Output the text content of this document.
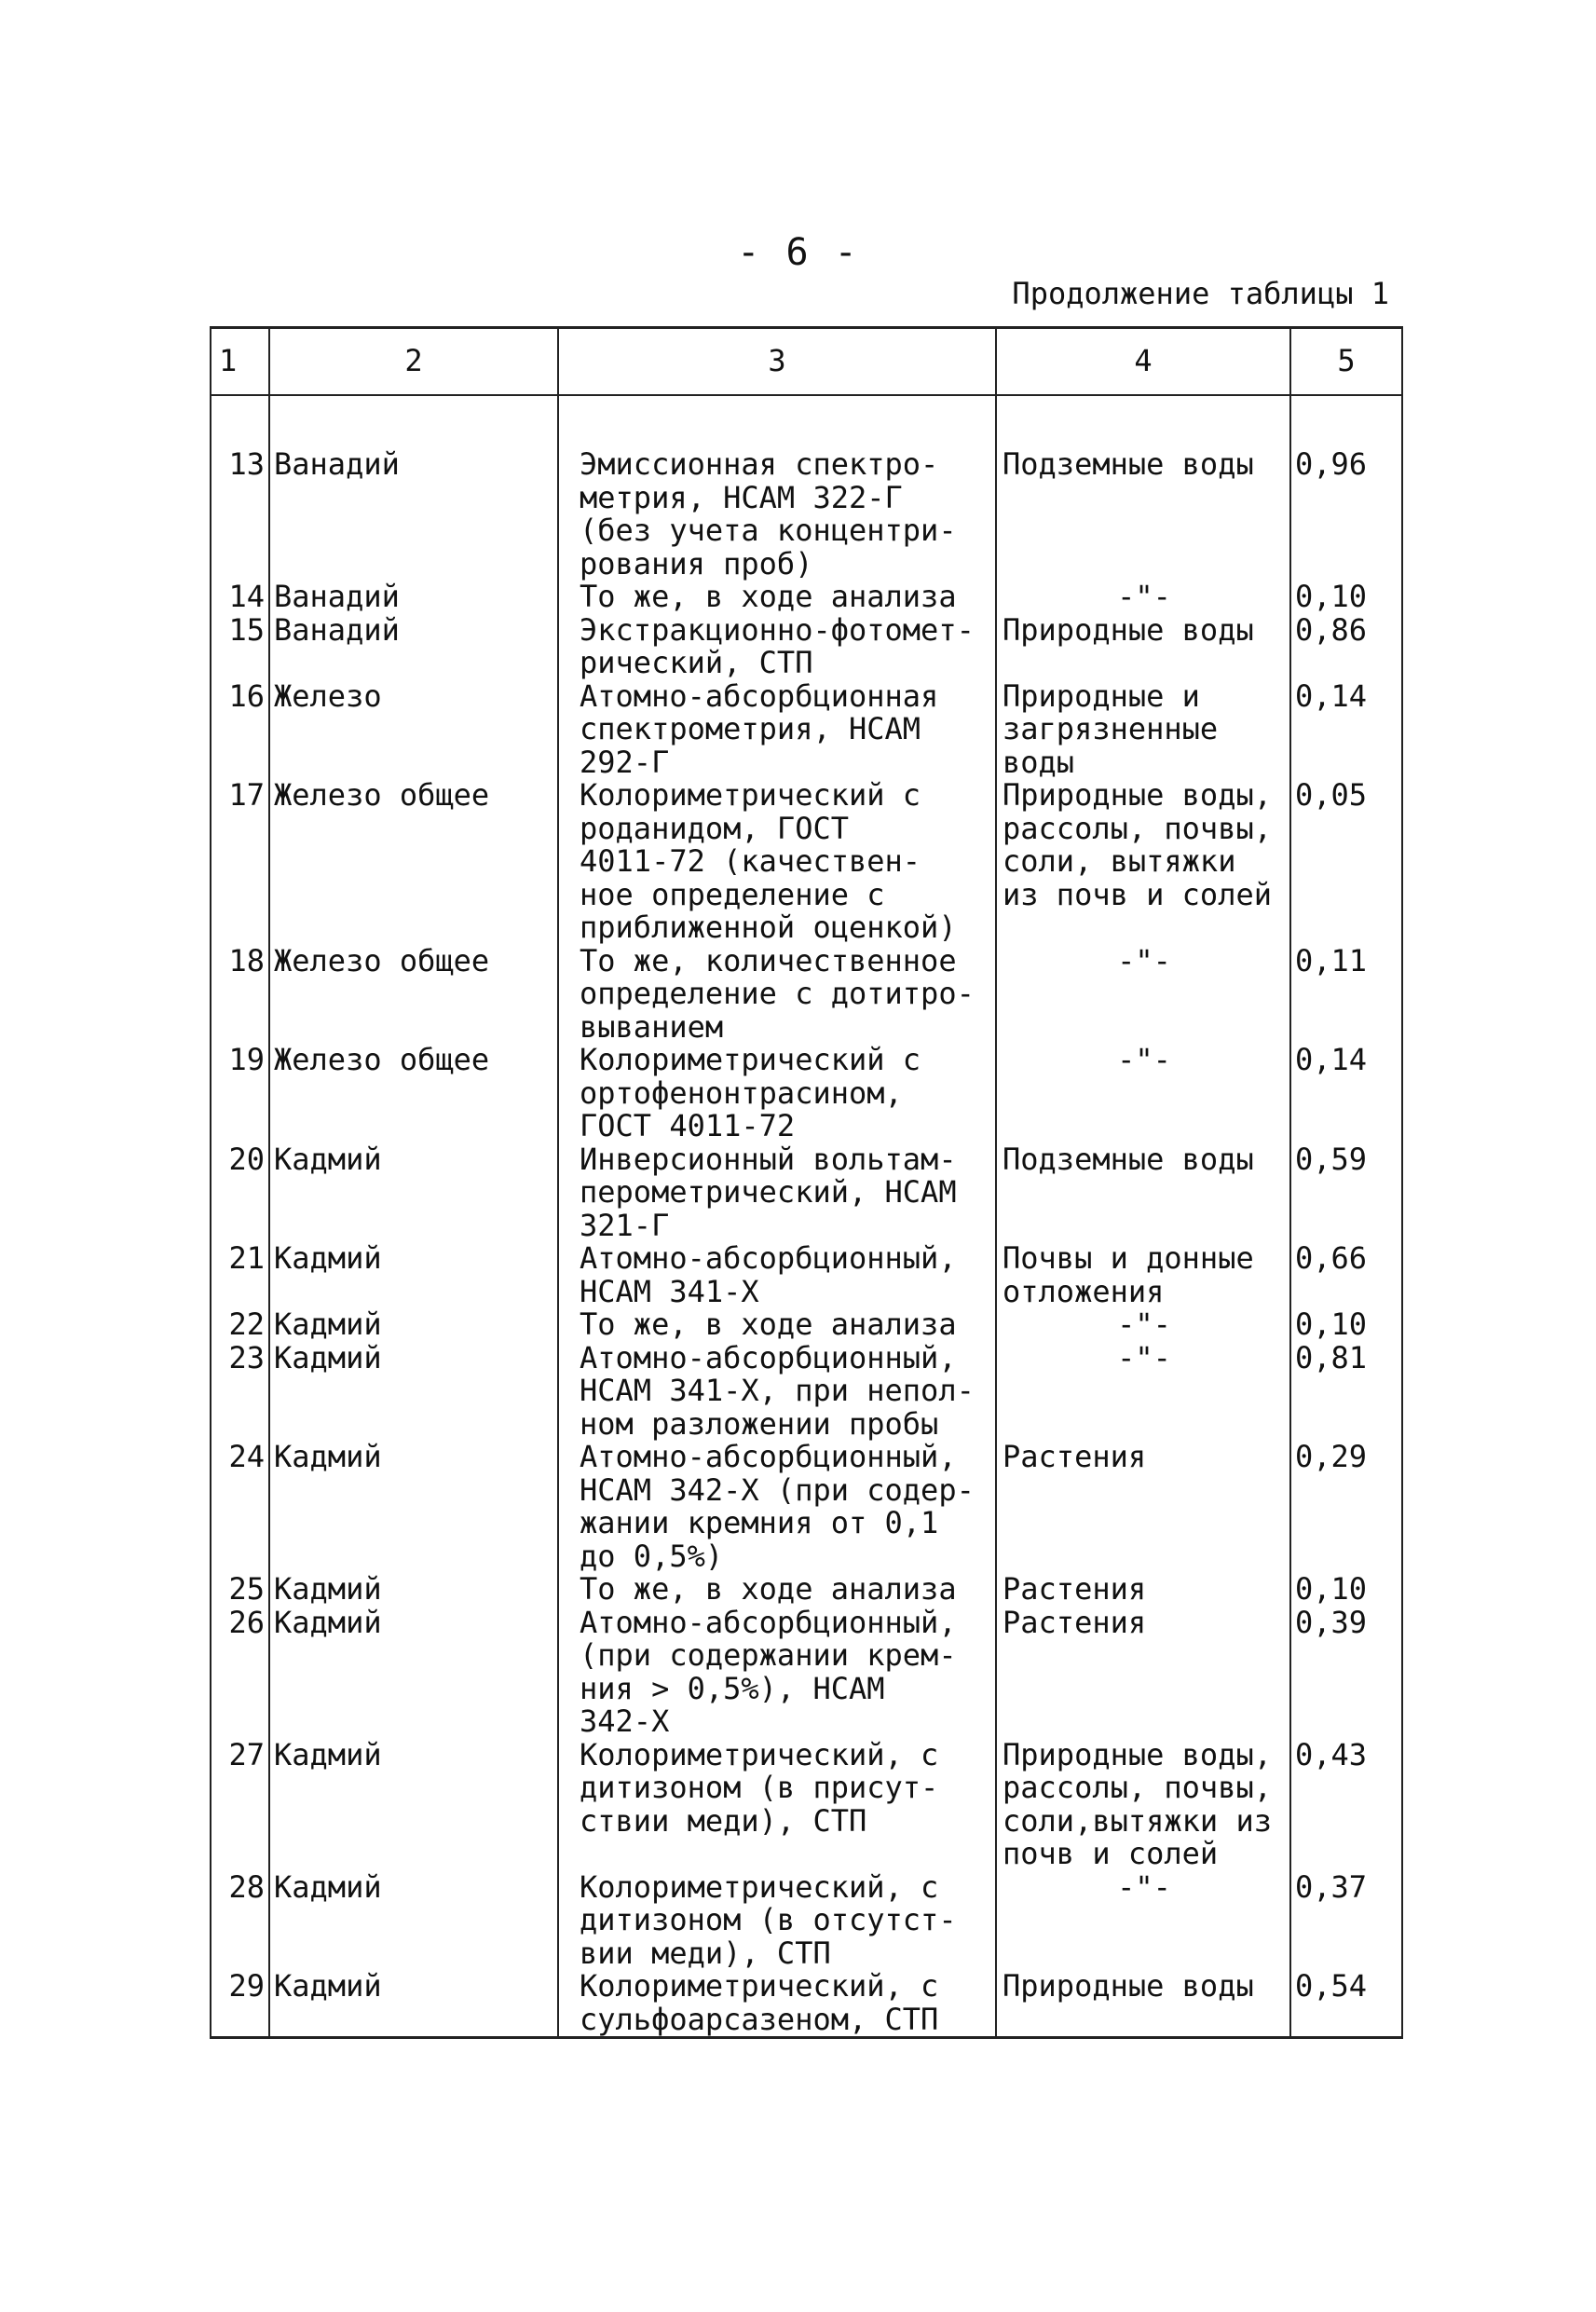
- 6 -
Продолжение таблицы 1
1	2	3	4	5

13	Ванадий	Эмиссионная спектро-
метрия, НСАМ 322-Г
(без учета концентри-
рования проб)	Подземные воды	0,96
14	Ванадий	То же, в ходе анализа	-"-	0,10
15	Ванадий	Экстракционно-фотомет-
рический, СТП	Природные воды	0,86
16	Железо	Атомно-абсорбционная
спектрометрия, НСАМ
292-Г	Природные и
загрязненные
воды	0,14
17	Железо общее	Колориметрический с
роданидом, ГОСТ
4011-72 (качествен-
ное определение с
приближенной оценкой)	Природные воды,
рассолы, почвы,
соли, вытяжки
из почв и солей	0,05
18	Железо общее	То же, количественное
определение с дотитро-
выванием	-"-	0,11
19	Железо общее	Колориметрический с
ортофенонтрасином,
ГОСТ 4011-72	-"-	0,14
20	Кадмий	Инверсионный вольтам-
перометрический, НСАМ
321-Г	Подземные воды	0,59
21	Кадмий	Атомно-абсорбционный,
НСАМ 341-Х	Почвы и донные
отложения	0,66
22	Кадмий	То же, в ходе анализа	-"-	0,10
23	Кадмий	Атомно-абсорбционный,
НСАМ 341-Х, при непол-
ном разложении пробы	-"-	0,81
24	Кадмий	Атомно-абсорбционный,
НСАМ 342-Х (при содер-
жании кремния от 0,1
до 0,5%)	Растения	0,29
25	Кадмий	То же, в ходе анализа	Растения	0,10
26	Кадмий	Атомно-абсорбционный,
(при содержании крем-
ния > 0,5%), НСАМ
342-Х	Растения	0,39
27	Кадмий	Колориметрический, с
дитизоном (в присут-
ствии меди), СТП	Природные воды,
рассолы, почвы,
соли,вытяжки из
почв и солей	0,43
28	Кадмий	Колориметрический, с
дитизоном (в отсутст-
вии меди), СТП	-"-	0,37
29	Кадмий	Колориметрический, с
сульфоарсазеном, СТП	Природные воды	0,54
